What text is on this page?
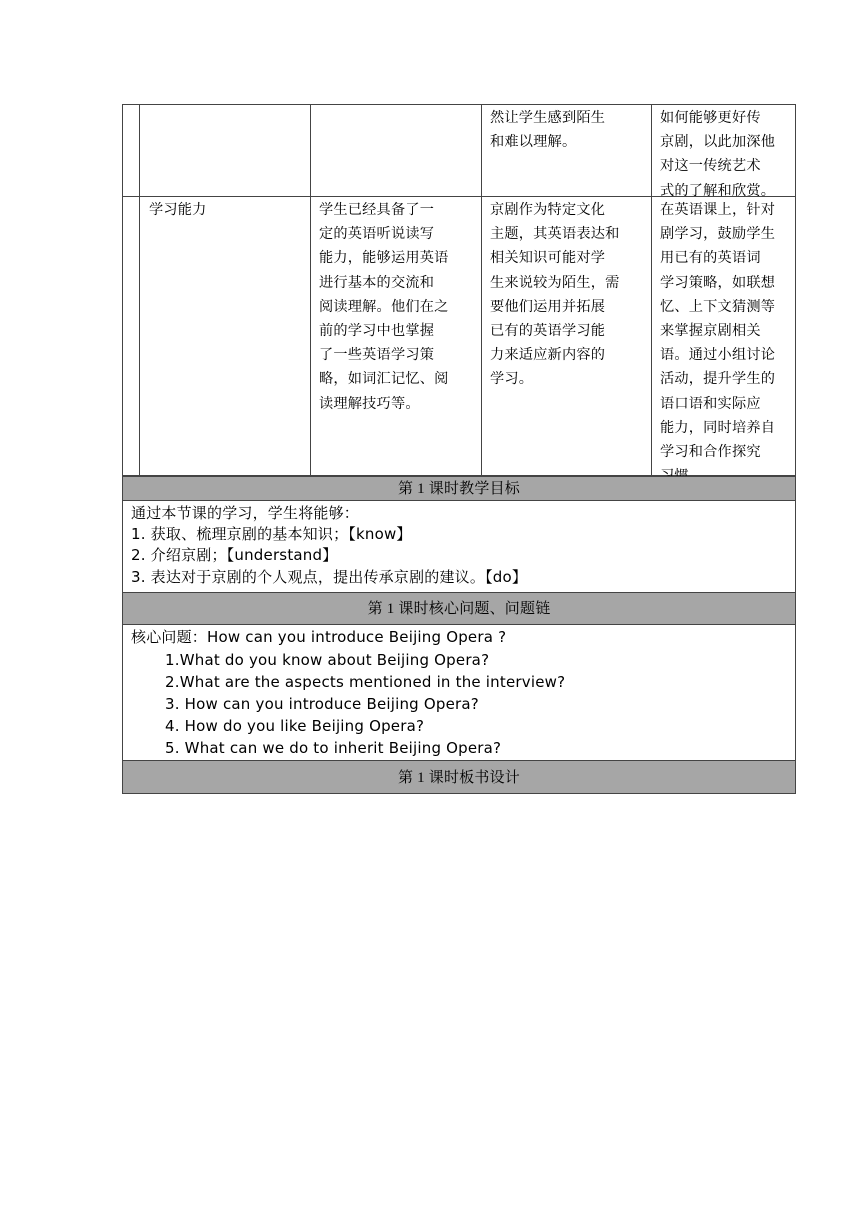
然让学生感到陌生
和难以理解。
如何能够更好传
京剧，以此加深他
对这一传统艺术
式的了解和欣赏。
学习能力	学生已经具备了一
定的英语听说读写
能力，能够运用英语
进行基本的交流和
阅读理解。他们在之
前的学习中也掌握
了一些英语学习策
略，如词汇记忆、阅
读理解技巧等。
京剧作为特定文化
主题，其英语表达和
相关知识可能对学
生来说较为陌生，需
要他们运用并拓展
已有的英语学习能
力来适应新内容的
学习。
在英语课上，针对
剧学习，鼓励学生
用已有的英语词
学习策略，如联想
忆、上下文猜测等
来掌握京剧相关
语。通过小组讨论
活动，提升学生的
语口语和实际应
能力，同时培养自
学习和合作探究

第 1 课时教学目标
通过本节课的学习，学生将能够：
1. 获取、梳理京剧的基本知识；【know】
2. 介绍京剧；【understand】
3. 表达对于京剧的个人观点，提出传承京剧的建议。【do】
第 1 课时核心问题、问题链
核心问题：How can you introduce Beijing Opera ?
1.What do you know about Beijing Opera?
2.What are the aspects mentioned in the interview?
3. How can you introduce Beijing Opera?
4. How do you like Beijing Opera?
5. What can we do to inherit Beijing Opera?
第 1 课时板书设计
